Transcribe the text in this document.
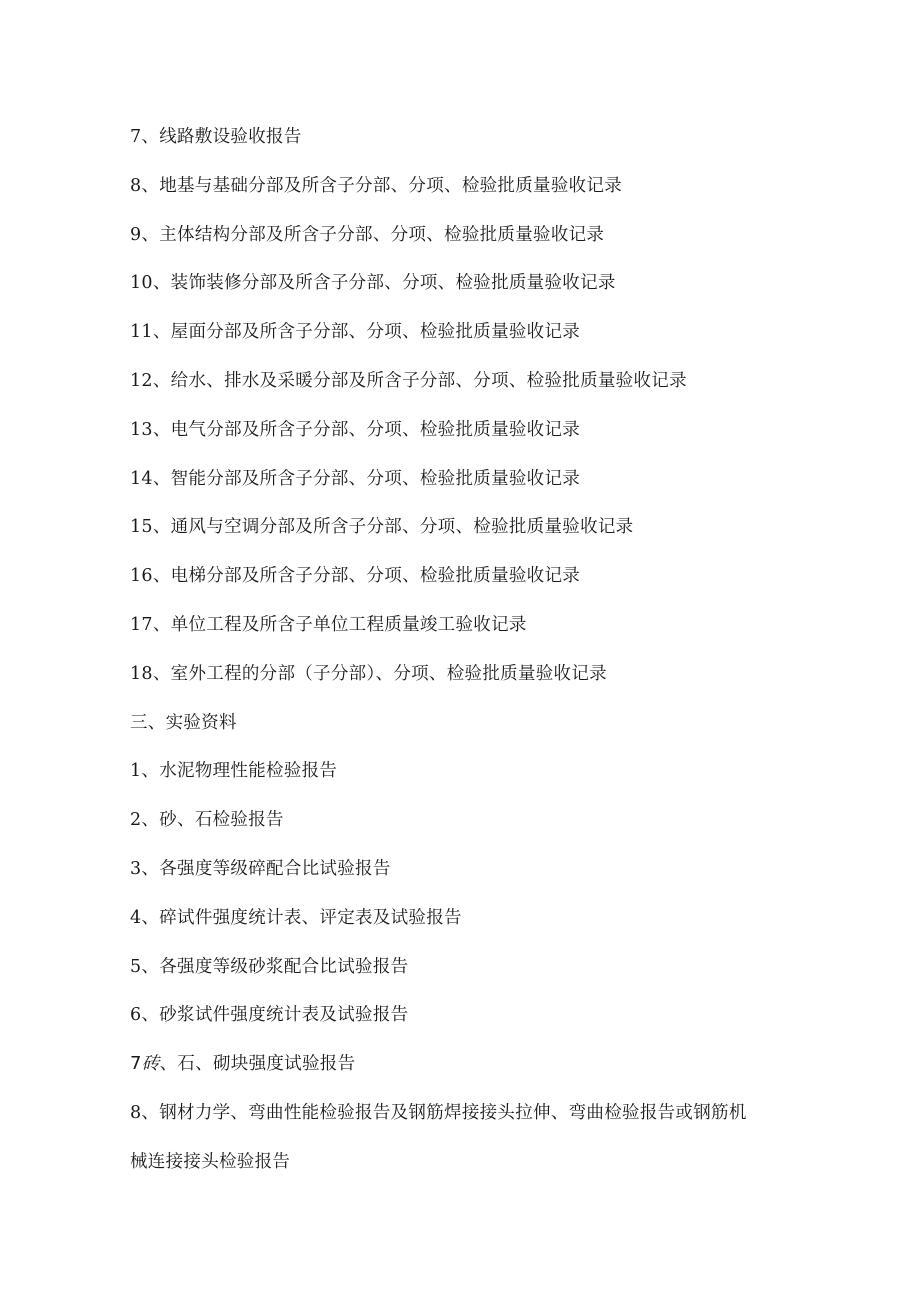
7、线路敷设验收报告
8、地基与基础分部及所含子分部、分项、检验批质量验收记录
9、主体结构分部及所含子分部、分项、检验批质量验收记录
10、装饰装修分部及所含子分部、分项、检验批质量验收记录
11、屋面分部及所含子分部、分项、检验批质量验收记录
12、给水、排水及采暖分部及所含子分部、分项、检验批质量验收记录
13、电气分部及所含子分部、分项、检验批质量验收记录
14、智能分部及所含子分部、分项、检验批质量验收记录
15、通风与空调分部及所含子分部、分项、检验批质量验收记录
16、电梯分部及所含子分部、分项、检验批质量验收记录
17、单位工程及所含子单位工程质量竣工验收记录
18、室外工程的分部（子分部）、分项、检验批质量验收记录
三、实验资料
1、水泥物理性能检验报告
2、砂、石检验报告
3、各强度等级碎配合比试验报告
4、碎试件强度统计表、评定表及试验报告
5、各强度等级砂浆配合比试验报告
6、砂浆试件强度统计表及试验报告
7砖、石、砌块强度试验报告
8、钢材力学、弯曲性能检验报告及钢筋焊接接头拉伸、弯曲检验报告或钢筋机
械连接接头检验报告
